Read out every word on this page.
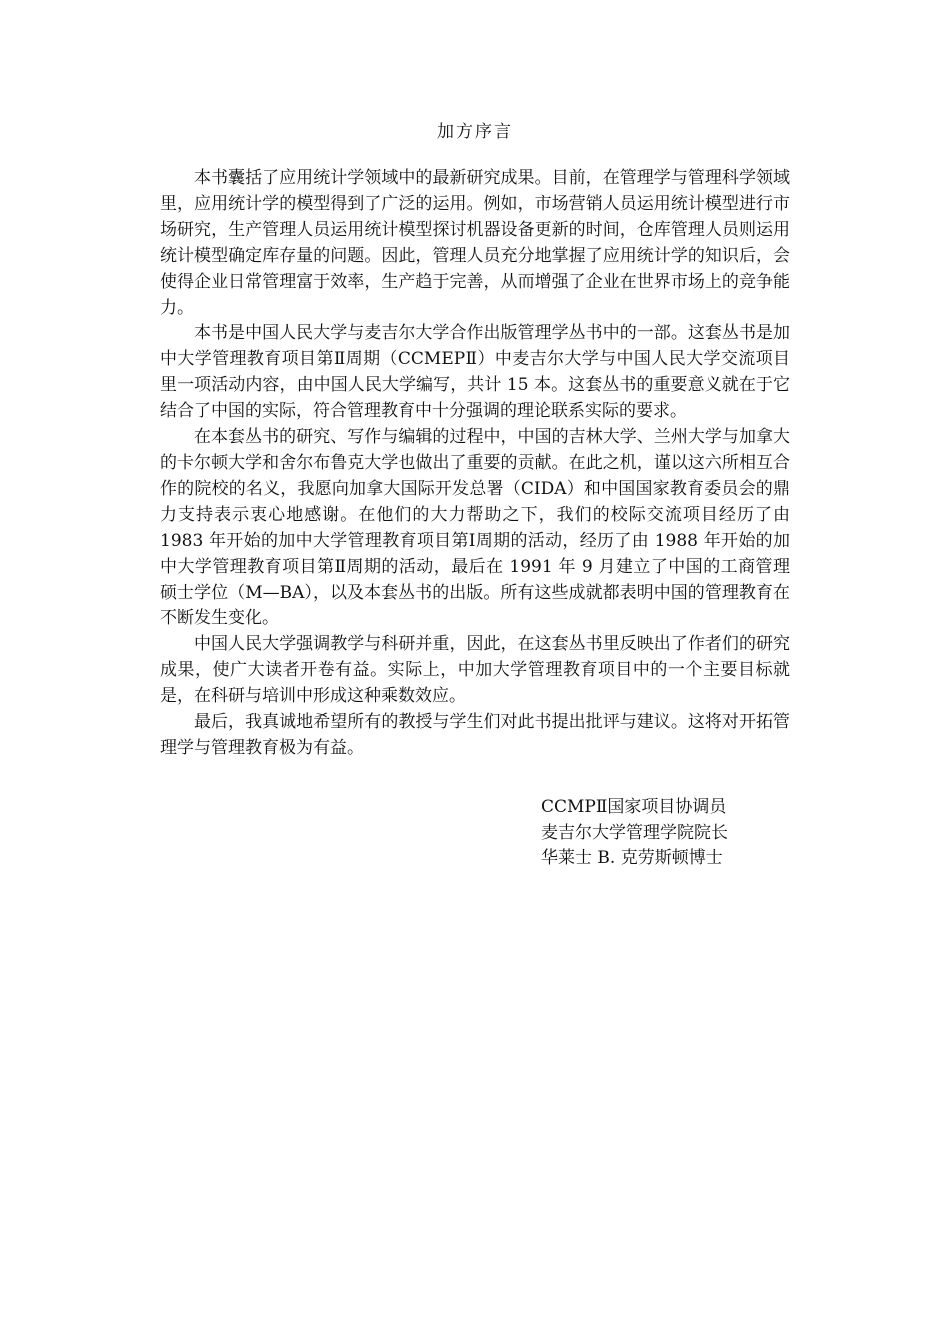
加方序言

本书囊括了应用统计学领域中的最新研究成果。目前，在管理学与管理科学领域里，应用统计学的模型得到了广泛的运用。例如，市场营销人员运用统计模型进行市场研究，生产管理人员运用统计模型探讨机器设备更新的时间，仓库管理人员则运用统计模型确定库存量的问题。因此，管理人员充分地掌握了应用统计学的知识后，会使得企业日常管理富于效率，生产趋于完善，从而增强了企业在世界市场上的竞争能力。

本书是中国人民大学与麦吉尔大学合作出版管理学丛书中的一部。这套丛书是加中大学管理教育项目第Ⅱ周期（CCMEPⅡ）中麦吉尔大学与中国人民大学交流项目里一项活动内容，由中国人民大学编写，共计 15 本。这套丛书的重要意义就在于它结合了中国的实际，符合管理教育中十分强调的理论联系实际的要求。

在本套丛书的研究、写作与编辑的过程中，中国的吉林大学、兰州大学与加拿大的卡尔顿大学和舍尔布鲁克大学也做出了重要的贡献。在此之机，谨以这六所相互合作的院校的名义，我愿向加拿大国际开发总署（CIDA）和中国国家教育委员会的鼎力支持表示衷心地感谢。在他们的大力帮助之下，我们的校际交流项目经历了由 1983 年开始的加中大学管理教育项目第Ⅰ周期的活动，经历了由 1988 年开始的加中大学管理教育项目第Ⅱ周期的活动，最后在 1991 年 9 月建立了中国的工商管理硕士学位（M—BA），以及本套丛书的出版。所有这些成就都表明中国的管理教育在不断发生变化。

中国人民大学强调教学与科研并重，因此，在这套丛书里反映出了作者们的研究成果，使广大读者开卷有益。实际上，中加大学管理教育项目中的一个主要目标就是，在科研与培训中形成这种乘数效应。

最后，我真诚地希望所有的教授与学生们对此书提出批评与建议。这将对开拓管理学与管理教育极为有益。

CCMPⅡ国家项目协调员
麦吉尔大学管理学院院长
华莱士 B. 克劳斯顿博士
